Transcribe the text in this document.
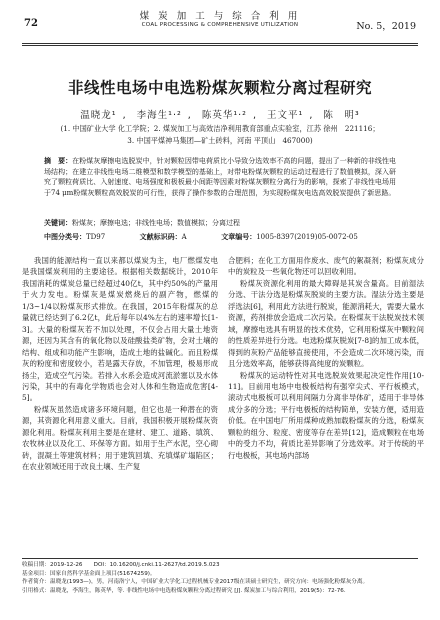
72
煤 炭 加 工 与 综 合 利 用
COAL PROCESSING & COMPREHENSIVE UTILIZATION	No. 5，2019
非线性电场中电选粉煤灰颗粒分离过程研究
温晓龙¹ , 李海生¹·² , 陈英华¹·² , 王文平¹ , 陈　明³
(1. 中国矿业大学 化工学院；2. 煤炭加工与高效洁净利用教育部重点实验室，江苏 徐州　221116；
3. 中国平煤神马集团—矿土砖料，河南 平顶山　467000)
摘　要：在粉煤灰摩擦电选脱炭中，针对颗粒因带电荷质比小导致分选效率不高的问题，提出了一种新的非线性电场结构；在建立非线性电场二维模型和数学模型的基础上，对带电粉煤灰颗粒的运动过程进行了数值模拟，深入研究了颗粒荷质比、入射速度、电场强度和极板最小间距等因素对粉煤灰颗粒分离行为的影响，探索了非线性电场用于74 μm粉煤灰颗粒高效脱炭的可行性，获得了操作参数的合理范围，为实现粉煤灰电选高效脱炭提供了新思路。
关键词：粉煤灰；摩擦电选；非线性电场；数值模拟；分离过程
中图分类号：TD97	文献标识码：A	文章编号：1005-8397(2019)05-0072-05

我国的能源结构一直以来都以煤炭为主，电厂燃煤发电是我国煤炭利用的主要途径。根据相关数据统计，2010年我国消耗的煤炭总量已经超过40亿t，其中约50%的产量用于火力发电。粉煤灰是煤炭燃烧后的副产物，燃煤的1/3~1/4以粉煤灰形式排放。在我国，2015年粉煤灰的总量就已经达到了6.2亿t，此后每年以4%左右的速率增长[1-3]。大量的粉煤灰若不加以处理，不仅会占用大量土地资源，还因为其含有的氧化物以及硅酸盐类矿物，会对土壤的结构、组成和功能产生影响，造成土地的盐碱化。而且粉煤灰的粉度和密度较小，若是露天存放，不加管理，极易形成扬尘，造成空气污染。若排入水系会造成河流淤塞以及水体污染，其中的有毒化学物质也会对人体和生物造成危害[4-5]。

粉煤灰虽然造成诸多环境问题，但它也是一种潜在的资源，其资源化利用意义重大。目前，我国积极开展粉煤灰资源化利用。粉煤灰利用主要是在建材、建工、道路、填筑、农牧林业以及化工、环保等方面。如用于生产水泥，空心砌砖，混凝土等建筑材料；用于建筑回填、充填煤矿塌陷区；在农业领域还用于改良土壤、生产复

合肥料；在化工方面用作废水、废气的絮凝剂；粉煤灰成分中的炭粒及一些氧化物还可以回收利用。

粉煤灰资源化利用的最大障碍是其炭含量高。目前湿法分选、干法分选是粉煤灰脱炭的主要方法。湿法分选主要是浮选法[6]，利用此方法进行脱炭，能源消耗大，需要大量水资源，药剂排放会造成二次污染。在粉煤灰干法脱炭技术领域，摩擦电选具有明显的技术优势，它利用粉煤灰中颗粒间的性质差异进行分选。电选粉煤灰脱炭[7-8]的加工成本低，得到的灰粉产品能够直接使用，不会造成二次环境污染，而且分选效率高，能够获得高纯度的炭颗粒。

粉煤灰的运动特性对其电选脱炭效果起决定性作用[10-11]。目前用电场中电极板结构有强窄尖式、平行板模式，滚动式电极板可以利用间隔力分离非导体矿，适用于非导体成分多的分选；平行电极板的结构简单，安装方便，适用造价低。在中国电厂所用煤种成熟加载粉煤灰的分选，粉煤灰颗粒的组分、粒度、密度等存在差异[12]，造成颗粒在电场中的受力不均，荷质比差异影响了分选效率。对于传统的平行电极板，其电场内部场

收稿日期：2019-12-26　　DOI：10.16200/j.cnki.11-2627/td.2019.5.023
基金项目：国家自然科学基金面上项目(51674259)。
作者简介：温晓龙(1993—)，男，河南洛宁人，中国矿业大学化工过程机械专业2017级在读硕士研究生，研究方向：电场强化粉煤灰分离。
引用格式：温晓龙，李海生，陈英华，等. 非线性电场中电选粉煤灰颗粒分离过程研究 [J]. 煤炭加工与综合利用，2019(5)：72-76.
